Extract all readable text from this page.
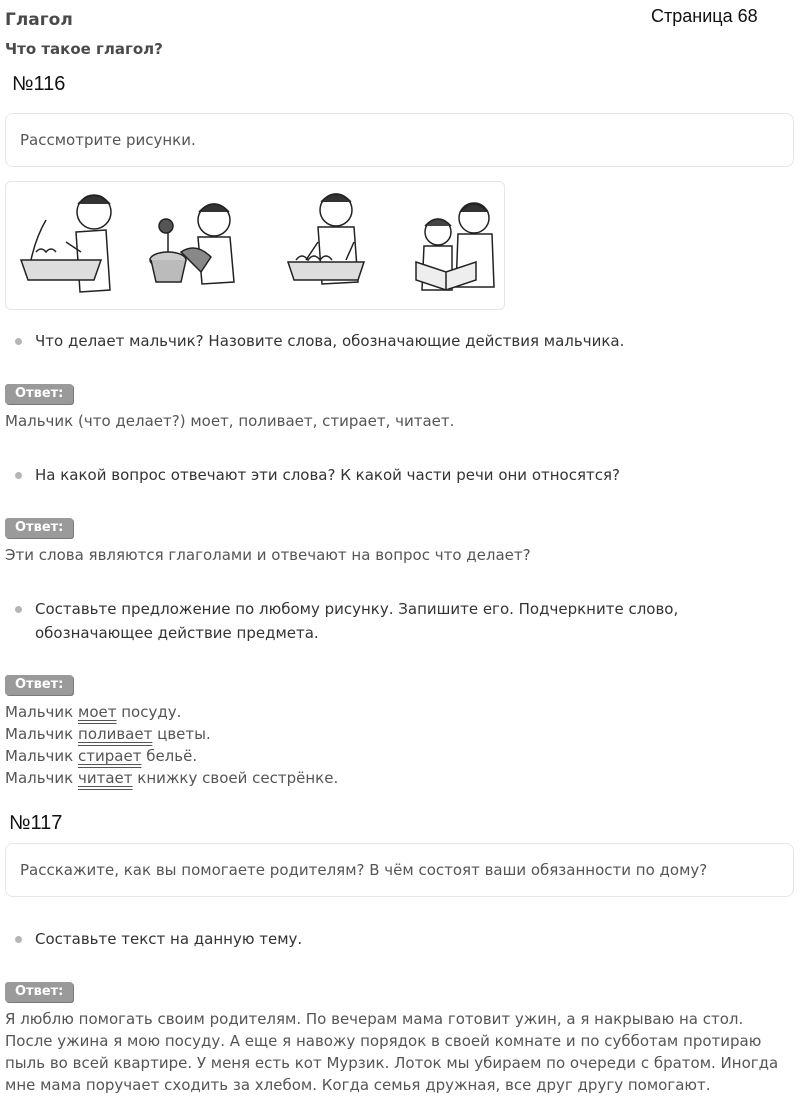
Глагол
Что такое глагол?
Страница 68
№116
Рассмотрите рисунки.
Что делает мальчик? Назовите слова, обозначающие действия мальчика.
Ответ:
Мальчик (что делает?) моет, поливает, стирает, читает.
На какой вопрос отвечают эти слова? К какой части речи они относятся?
Ответ:
Эти слова являются глаголами и отвечают на вопрос что делает?
Составьте предложение по любому рисунку. Запишите его. Подчеркните слово, обозначающее действие предмета.
Ответ:
Мальчик моет посуду.
Мальчик поливает цветы.
Мальчик стирает бельё.
Мальчик читает книжку своей сестрёнке.
№117
Расскажите, как вы помогаете родителям? В чём состоят ваши обязанности по дому?
Составьте текст на данную тему.
Ответ:
Я люблю помогать своим родителям. По вечерам мама готовит ужин, а я накрываю на стол. После ужина я мою посуду. А еще я навожу порядок в своей комнате и по субботам протираю пыль во всей квартире. У меня есть кот Мурзик. Лоток мы убираем по очереди с братом. Иногда мне мама поручает сходить за хлебом. Когда семья дружная, все друг другу помогают.
